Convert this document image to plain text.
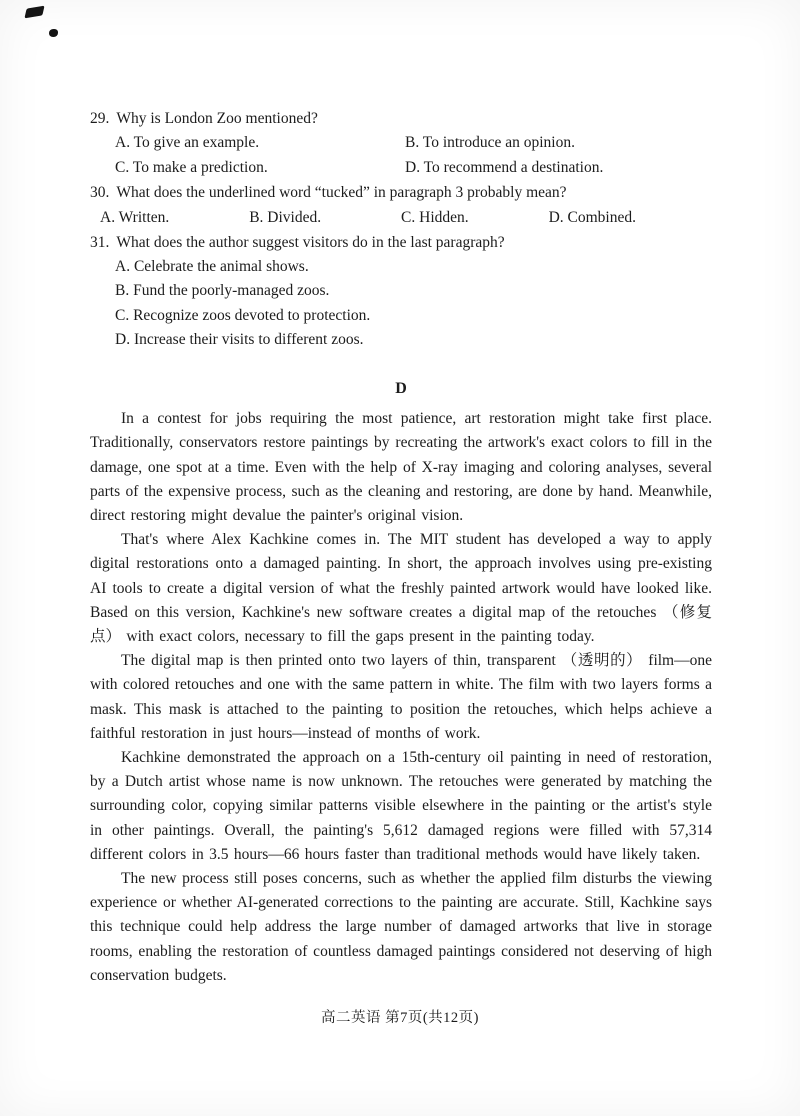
29. Why is London Zoo mentioned?
A. To give an example.	B. To introduce an opinion.
C. To make a prediction.	D. To recommend a destination.
30. What does the underlined word “tucked” in paragraph 3 probably mean?
A. Written.	B. Divided.	C. Hidden.	D. Combined.
31. What does the author suggest visitors do in the last paragraph?
A. Celebrate the animal shows.
B. Fund the poorly-managed zoos.
C. Recognize zoos devoted to protection.
D. Increase their visits to different zoos.
D

In a contest for jobs requiring the most patience, art restoration might take first place. Traditionally, conservators restore paintings by recreating the artwork's exact colors to fill in the damage, one spot at a time. Even with the help of X-ray imaging and coloring analyses, several parts of the expensive process, such as the cleaning and restoring, are done by hand. Meanwhile, direct restoring might devalue the painter's original vision.

That's where Alex Kachkine comes in. The MIT student has developed a way to apply digital restorations onto a damaged painting. In short, the approach involves using pre-existing AI tools to create a digital version of what the freshly painted artwork would have looked like. Based on this version, Kachkine's new software creates a digital map of the retouches （修复点） with exact colors, necessary to fill the gaps present in the painting today.

The digital map is then printed onto two layers of thin, transparent （透明的） film—one with colored retouches and one with the same pattern in white. The film with two layers forms a mask. This mask is attached to the painting to position the retouches, which helps achieve a faithful restoration in just hours—instead of months of work.

Kachkine demonstrated the approach on a 15th-century oil painting in need of restoration, by a Dutch artist whose name is now unknown. The retouches were generated by matching the surrounding color, copying similar patterns visible elsewhere in the painting or the artist's style in other paintings. Overall, the painting's 5,612 damaged regions were filled with 57,314 different colors in 3.5 hours—66 hours faster than traditional methods would have likely taken.

The new process still poses concerns, such as whether the applied film disturbs the viewing experience or whether AI-generated corrections to the painting are accurate. Still, Kachkine says this technique could help address the large number of damaged artworks that live in storage rooms, enabling the restoration of countless damaged paintings considered not deserving of high conservation budgets.

高二英语 第7页(共12页)
